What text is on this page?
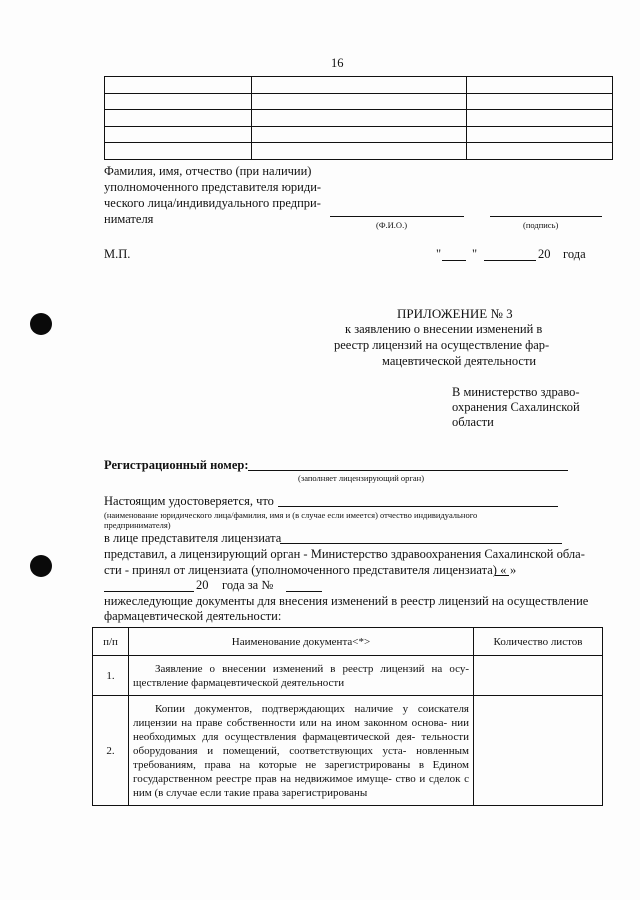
16

Фамилия, имя, отчество (при наличии)
уполномоченного представителя юриди-
ческого лица/индивидуального предпри-
нимателя	(Ф.И.О.)	(подпись)
М.П.	" "	20 года
ПРИЛОЖЕНИЕ № 3
к заявлению о внесении изменений в
реестр лицензий на осуществление фар-
мацевтической деятельности
В министерство здраво-
охранения Сахалинской
области
Регистрационный номер:
(заполняет лицензирующий орган)
Настоящим удостоверяется, что
(наименование юридического лица/фамилия, имя и (в случае если имеется) отчество индивидуального
предпринимателя)
в лице представителя лицензиата
представил, а лицензирующий орган - Министерство здравоохранения Сахалинской обла-
сти - принял от лицензиата (уполномоченного представителя лицензиата) « »
20 года за №
нижеследующие документы для внесения изменений в реестр лицензий на осуществление
фармацевтической деятельности:
п/п	Наименование документа<*>	Количество листов
1.	Заявление о внесении изменений в реестр лицензий на осу- ществление фармацевтической деятельности	
2.	Копии документов, подтверждающих наличие у соискателя лицензии на праве собственности или на ином законном основа- нии необходимых для осуществления фармацевтической дея- тельности оборудования и помещений, соответствующих уста- новленным требованиям, права на которые не зарегистрированы в Едином государственном реестре прав на недвижимое имуще- ство и сделок с ним (в случае если такие права зарегистрированы	
